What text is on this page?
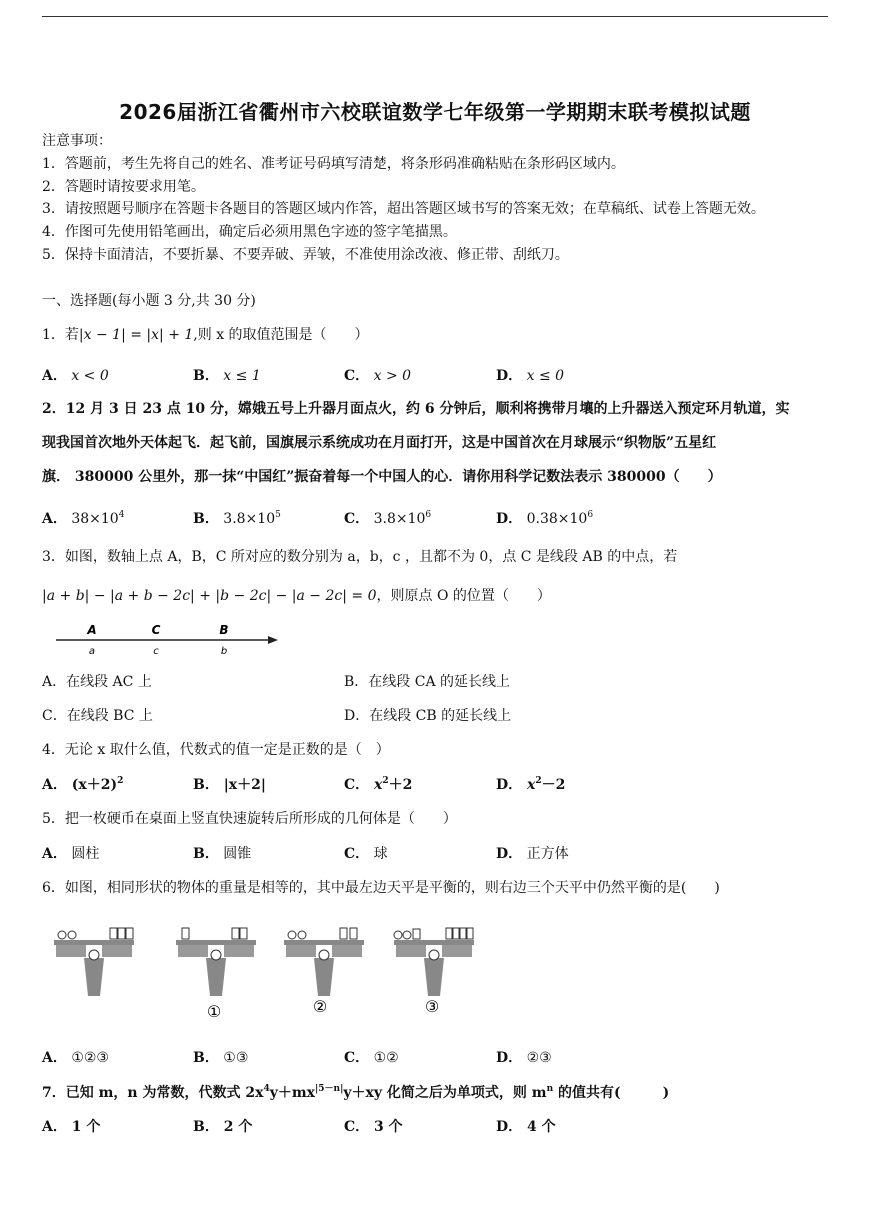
2026届浙江省衢州市六校联谊数学七年级第一学期期末联考模拟试题
注意事项：
1．答题前，考生先将自己的姓名、准考证号码填写清楚，将条形码准确粘贴在条形码区域内。
2．答题时请按要求用笔。
3．请按照题号顺序在答题卡各题目的答题区域内作答，超出答题区域书写的答案无效；在草稿纸、试卷上答题无效。
4．作图可先使用铅笔画出，确定后必须用黑色字迹的签字笔描黑。
5．保持卡面清洁，不要折暴、不要弄破、弄皱，不准使用涂改液、修正带、刮纸刀。
一、选择题(每小题 3 分,共 30 分)
1．若|x − 1| = |x| + 1,则 x 的取值范围是（　　）
A． x < 0	B． x ≤ 1	C． x > 0	D． x ≤ 0
2．12 月 3 日 23 点 10 分，嫦娥五号上升器月面点火，约 6 分钟后，顺利将携带月壤的上升器送入预定环月轨道，实
现我国首次地外天体起飞．起飞前，国旗展示系统成功在月面打开，这是中国首次在月球展示“织物版”五星红
旗． 380000 公里外，那一抹“中国红”振奋着每一个中国人的心．请你用科学记数法表示 380000（　　）
A． $38\times 10^4$	B． $3.8\times 10^5$	C． $3.8\times 10^6$	D． $0.38\times 10^6$
3．如图，数轴上点 A，B，C 所对应的数分别为 a，b，c ，且都不为 0，点 C 是线段 AB 的中点，若
|a + b| − |a + b − 2c| + |b − 2c| − |a − 2c| = 0，则原点 O 的位置（　　）
A	C	B
a	c	b
A．在线段 AC 上	B．在线段 CA 的延长线上
C．在线段 BC 上	D．在线段 CB 的延长线上
4．无论 x 取什么值，代数式的值一定是正数的是（　）
A． $(x+2)^2$	B． |x＋2|	C． $x^2+2$	D． $x^2-2$
5．把一枚硬币在桌面上竖直快速旋转后所形成的几何体是（　　）
A． 圆柱	B． 圆锥	C． 球	D． 正方体
6．如图，相同形状的物体的重量是相等的，其中最左边天平是平衡的，则右边三个天平中仍然平衡的是(　　)
①	②	③
A． ①②③	B． ①③	C． ①②	D． ②③
7．已知 m，n 为常数，代数式 $2x^4y+mx^{|5-n|}y+xy$ 化简之后为单项式，则 $m^n$ 的值共有(　　　)
A． 1 个	B． 2 个	C． 3 个	D． 4 个
